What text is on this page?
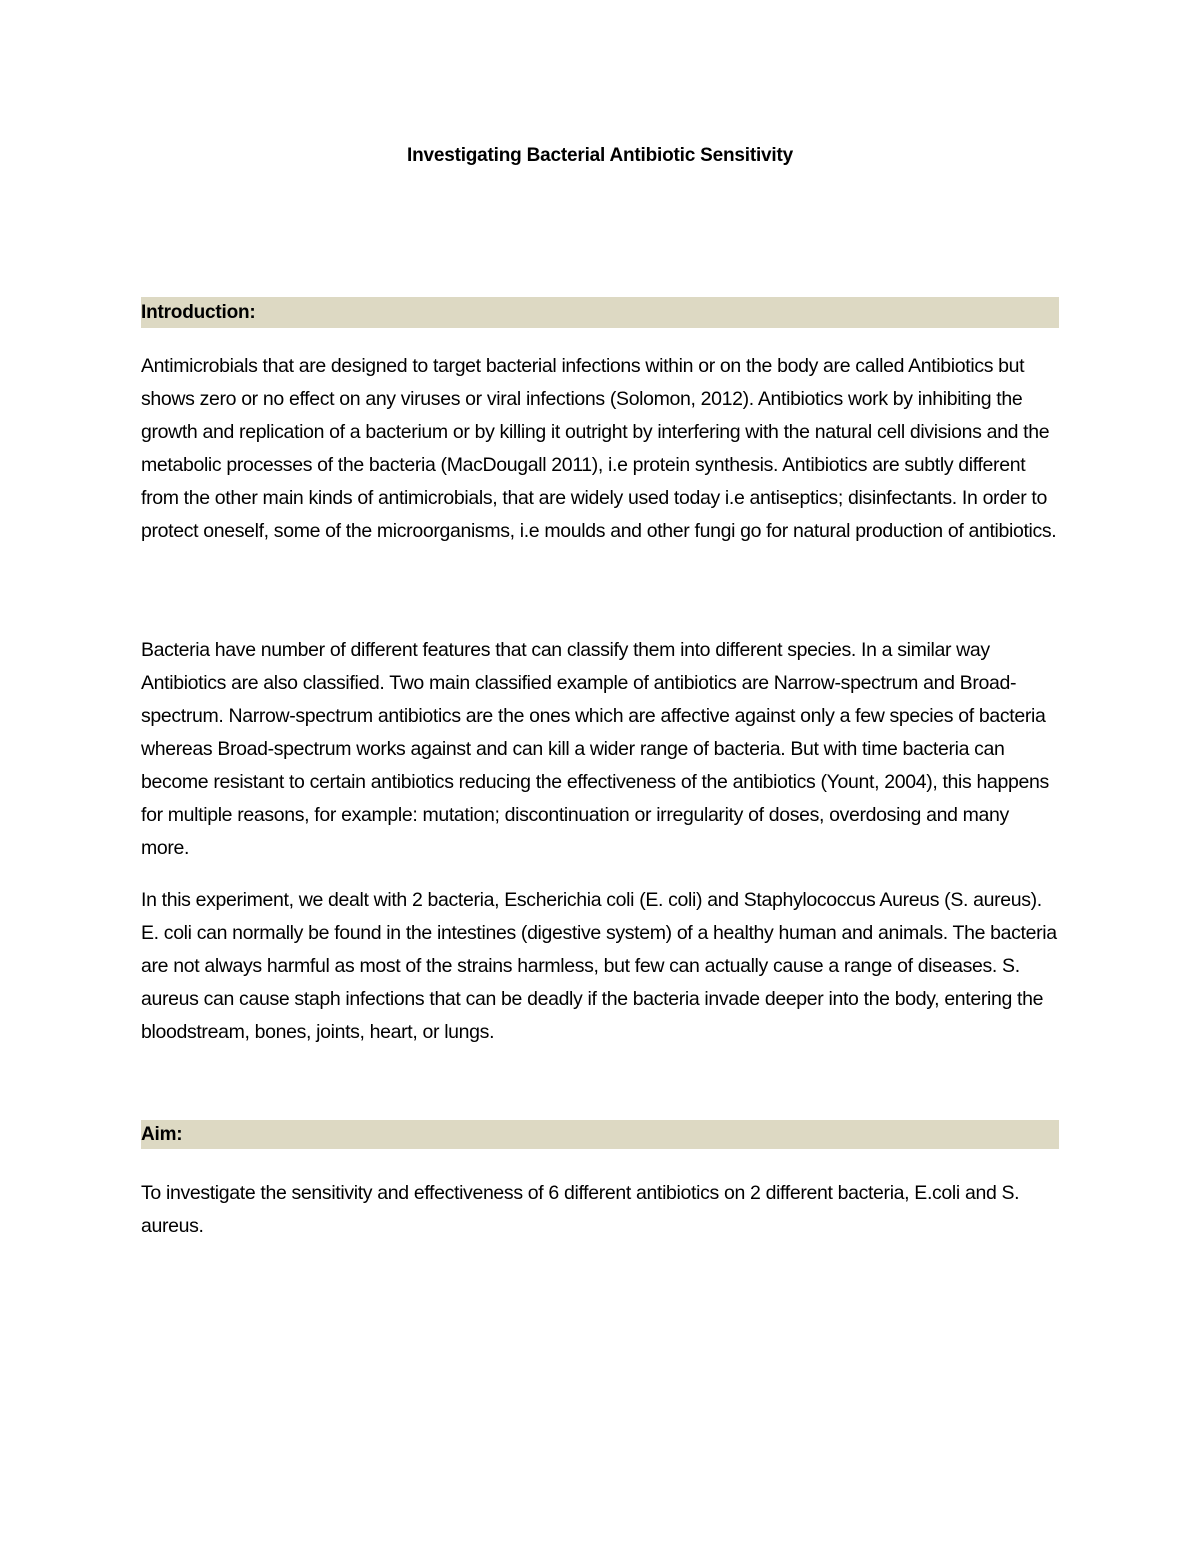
Investigating Bacterial Antibiotic Sensitivity
Introduction:

Antimicrobials that are designed to target bacterial infections within or on the body are called Antibiotics but shows zero or no effect on any viruses or viral infections (Solomon, 2012). Antibiotics work by inhibiting the growth and replication of a bacterium or by killing it outright by interfering with the natural cell divisions and the metabolic processes of the bacteria (MacDougall 2011), i.e protein synthesis. Antibiotics are subtly different from the other main kinds of antimicrobials, that are widely used today i.e antiseptics; disinfectants. In order to protect oneself, some of the microorganisms, i.e moulds and other fungi go for natural production of antibiotics.

Bacteria have number of different features that can classify them into different species. In a similar way Antibiotics are also classified. Two main classified example of antibiotics are Narrow-spectrum and Broad-spectrum. Narrow-spectrum antibiotics are the ones which are affective against only a few species of bacteria whereas Broad-spectrum works against and can kill a wider range of bacteria. But with time bacteria can become resistant to certain antibiotics reducing the effectiveness of the antibiotics (Yount, 2004), this happens for multiple reasons, for example: mutation; discontinuation or irregularity of doses, overdosing and many more.

In this experiment, we dealt with 2 bacteria, Escherichia coli (E. coli) and Staphylococcus Aureus (S. aureus). E. coli can normally be found in the intestines (digestive system) of a healthy human and animals. The bacteria are not always harmful as most of the strains harmless, but few can actually cause a range of diseases. S. aureus can cause staph infections that can be deadly if the bacteria invade deeper into the body, entering the bloodstream, bones, joints, heart, or lungs.

Aim:

To investigate the sensitivity and effectiveness of 6 different antibiotics on 2 different bacteria, E.coli and S. aureus.
